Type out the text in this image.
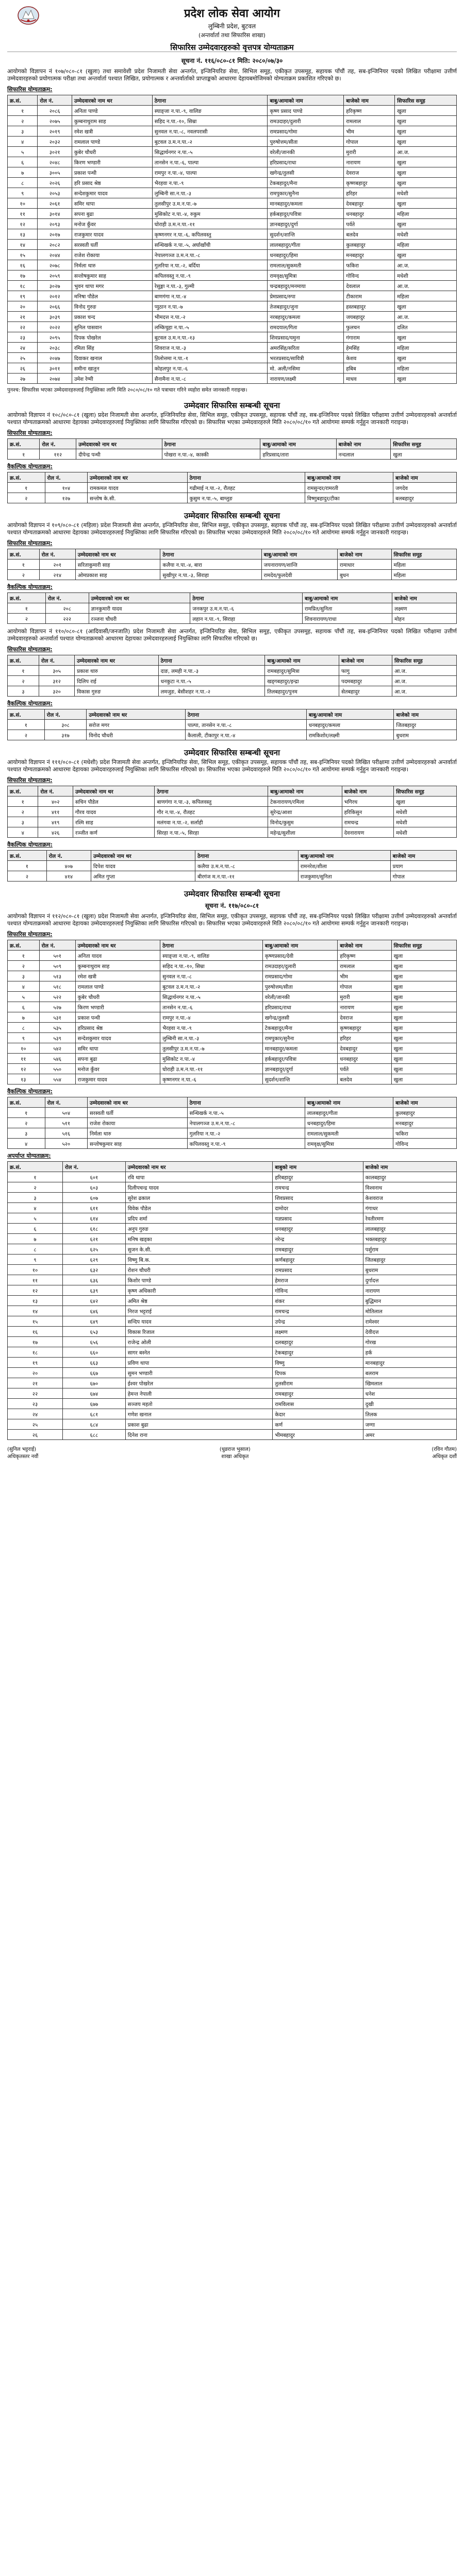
प्रदेश लोक सेवा आयोग
लुम्बिनी प्रदेश, बुटवल
(अन्तर्वार्ता तथा सिफारिस शाखा)
सिफारिस उम्मेदवारहरुको वृत्तपत्र योग्यताक्रम
सूचना नं. ११६/०८०-८१ मिति: २०८०/०७/३०
आयोगको विज्ञापन नं १०७/०८०-८१ (खुला) तथा समावेशी प्रदेश निजामती सेवा अन्तर्गत, इन्जिनियरिङ सेवा, सिभिल समूह, एकीकृत उपसमूह, सहायक पाँचौं तह, सब-इन्जिनियर पदको लिखित परीक्षामा उत्तीर्ण उम्मेदवारहरुको प्रयोगात्मक परीक्षा तथा अन्तर्वार्ता पश्चात लिखित, प्रयोगात्मक र अन्तर्वार्ताको प्राप्ताङ्कको आधारमा देहायबमोजिमको योग्यताक्रम प्रकाशित गरिएको छ।
सिफारिस योग्यताक्रम:
क्र.सं.	रोल नं.	उम्मेदवारको नाम थर	ठेगाना	बाबु/आमाको नाम	बाजेको नाम	सिफारिस समूह
१	२०८६	अनिता पाण्डे	स्याङ्जा न.पा.-९, वालिङ	कृष्ण प्रसाद पाण्डे	हरिकृष्ण	खुला
२	२०७५	कुम्बनाथुराम साह	सहिद न.पा.-१०, सिम्रा	रामउदाहर/दुलारी	रामलाल	खुला
३	२०१९	रमेश खत्री	सुनवल न.पा.-८, नवलपरासी	रामप्रसाद/गोमा	भीम	खुला
४	२०३२	रामलाल पाण्डे	बुटवल उ.म.न.पा.-२	पुरुषोत्तम/सीता	गोपाल	खुला
५	३०२१	कुबेर चौधरी	सिद्धार्थनगर न.पा.-५	वरेली/जानकी	मुरारी	आ.ज.
६	२०४८	किरण भण्डारी	तानसेन न.पा.-६, पाल्पा	हरिप्रसाद/राधा	नारायण	खुला
७	३००५	प्रकाश पन्थी	रामपुर न.पा.-४, पाल्पा	खगेन्द्र/तुलसी	देवराज	खुला
८	२०२६	हरि प्रसाद श्रेष्ठ	भैरहवा न.पा.-९	टेकबहादुर/मैना	कृष्णबहादुर	खुला
९	२०५३	सन्देशकुमार यादव	लुम्बिनी सा.न.पा.-३	रामपुकार/सुनैना	हरिहर	मधेशी
१०	२०६१	समिर थापा	तुलसीपुर उ.म.न.पा.-७	मानबहादुर/कमला	देवबहादुर	खुला
११	३०१४	सपना बुढा	मुसिकोट न.पा.-४, रुकुम	हर्कबहादुर/पवित्रा	धनबहादुर	महिला
१२	२०९३	मनोज कुँवर	घोराही उ.म.न.पा.-११	ज्ञानबहादुर/दुर्गा	पर्वते	खुला
१३	२०१७	राजकुमार यादव	कृष्णनगर न.पा.-६, कपिलवस्तु	सुदर्शन/शान्ति	बलदेव	मधेशी
१४	२०८२	सरस्वती घर्ती	सन्धिखर्क न.पा.-५, अर्घाखाँची	लालबहादुर/गीता	कुलबहादुर	महिला
१५	२०४४	राजेश रोकाया	नेपालगञ्ज उ.म.न.पा.-८	धनबहादुर/हिमा	मनबहादुर	खुला
१६	२०७८	निर्मला थारु	गुलरिया न.पा.-२, बर्दिया	रामलाल/सुकमती	फकिरा	आ.ज.
१७	२०५९	सन्तोषकुमार साह	कपिलवस्तु न.पा.-९	रामवृक्ष/सुमित्रा	गोविन्द	मधेशी
१८	३०२७	भुवन थापा मगर	रेसुङ्गा न.पा.-३, गुल्मी	चन्द्रबहादुर/मनमाया	देवलाल	आ.ज.
१९	२०१२	मनिषा पौडेल	बाणगंगा न.पा.-४	प्रेमप्रसाद/रुपा	टीकाराम	महिला
२०	२०६६	विनोद गुरुङ	प्युठान न.पा.-७	तेजबहादुर/जुना	हस्तबहादुर	खुला
२१	३०३९	प्रकाश चन्द	भीमदत्त न.पा.-२	नरबहादुर/कमला	जयबहादुर	आ.ज.
२२	२०२२	सुनिल पासवान	लम्किचुहा न.पा.-५	रामदयाल/गिता	फुलचन	दलित
२३	२०९५	दिपक पोखरेल	बुटवल उ.म.न.पा.-१३	शिवप्रसाद/यमुना	गंगाराम	खुला
२४	२०३८	रमिता सिंह	शिवराज न.पा.-३	अमरसिंह/सरिता	हेमसिंह	महिला
२५	२०४७	दिवाकर खनाल	तिलोत्तमा न.पा.-१	भरतप्रसाद/सावित्री	केशव	खुला
२६	३०११	समीना खातुन	कोहलपुर न.पा.-६	मो. अली/नसिमा	हबिब	महिला
२७	२०७४	उमेश रेग्मी	सैनामैना न.पा.-८	नारायण/लक्ष्मी	माधव	खुला
पुनश्च: सिफारिस भएका उम्मेदवारहरुलाई नियुक्तिका लागि मिति २०८०/०८/१० गते पत्राचार गरिने व्यहोरा समेत जानकारी गराइन्छ।
उम्मेदवार सिफारिस सम्बन्धी सूचना
आयोगको विज्ञापन नं १०८/०८०-८१ (खुला) प्रदेश निजामती सेवा अन्तर्गत, इन्जिनियरिङ सेवा, सिभिल समूह, एकीकृत उपसमूह, सहायक पाँचौं तह, सब-इन्जिनियर पदको लिखित परीक्षामा उत्तीर्ण उम्मेदवारहरुको अन्तर्वार्ता पश्चात योग्यताक्रमको आधारमा देहायका उम्मेदवारहरुलाई नियुक्तिका लागि सिफारिस गरिएको छ। सिफारिस भएका उम्मेदवारहरुले मिति २०८०/०८/१० गते आयोगमा सम्पर्क गर्नुहुन जानकारी गराइन्छ।
सिफारिस योग्यताक्रम:
क्र.सं.	रोल नं.	उम्मेदवारको नाम थर	ठेगाना	बाबु/आमाको नाम	बाजेको नाम	सिफारिस समूह
१	११२	दीपेन्द्र पन्थी	पोखरा न.पा.-४, कास्की	हरिप्रसाद/तारा	नन्दलाल	खुला
वैकल्पिक योग्यताक्रम:
क्र.सं.	रोल नं.	उम्मेदवारको नाम थर	ठेगाना	बाबु/आमाको नाम	बाजेको नाम
१	१०४	रामकमल यादव	गढीमाई न.पा.-२, रौतहट	रामसुन्दर/रामरती	जगदेव
२	१२७	सन्तोष के.सी.	कुसुम न.पा.-५, बाग्लुङ	विष्णुबहादुर/टीका	बलबहादुर
उम्मेदवार सिफारिस सम्बन्धी सूचना
आयोगको विज्ञापन नं १०९/०८०-८१ (महिला) प्रदेश निजामती सेवा अन्तर्गत, इन्जिनियरिङ सेवा, सिभिल समूह, एकीकृत उपसमूह, सहायक पाँचौं तह, सब-इन्जिनियर पदको लिखित परीक्षामा उत्तीर्ण उम्मेदवारहरुको अन्तर्वार्ता पश्चात योग्यताक्रमको आधारमा देहायका उम्मेदवारहरुलाई नियुक्तिका लागि सिफारिस गरिएको छ। सिफारिस भएका उम्मेदवारहरुले मिति २०८०/०८/१० गते आयोगमा सम्पर्क गर्नुहुन जानकारी गराइन्छ।
सिफारिस योग्यताक्रम:
क्र.सं.	रोल नं.	उम्मेदवारको नाम थर	ठेगाना	बाबु/आमाको नाम	बाजेको नाम	सिफारिस समूह
१	२०१	सरिताकुमारी साह	कलैया न.पा.-४, बारा	जयनारायण/शान्ति	रामाधार	महिला
२	२१४	ओमप्रकाश साह	सुखीपुर न.पा.-३, सिराहा	रामदेव/फुलदेवी	बुधन	महिला
वैकल्पिक योग्यताक्रम:
क्र.सं.	रोल नं.	उम्मेदवारको नाम थर	ठेगाना	बाबु/आमाको नाम	बाजेको नाम
१	२०८	ज्ञानकुमारी यादव	जनकपुर उ.म.न.पा.-६	रामप्रित/सुनिता	लक्ष्मण
२	२२२	रञ्जना चौधरी	लहान न.पा.-९, सिराहा	शिवनारायण/राधा	मोहन
आयोगको विज्ञापन नं ११०/०८०-८१ (आदिवासी/जनजाति) प्रदेश निजामती सेवा अन्तर्गत, इन्जिनियरिङ सेवा, सिभिल समूह, एकीकृत उपसमूह, सहायक पाँचौं तह, सब-इन्जिनियर पदको लिखित परीक्षामा उत्तीर्ण उम्मेदवारहरुको अन्तर्वार्ता पश्चात योग्यताक्रमको आधारमा देहायका उम्मेदवारहरुलाई नियुक्तिका लागि सिफारिस गरिएको छ।
सिफारिस योग्यताक्रम:
क्र.सं.	रोल नं.	उम्मेदवारको नाम थर	ठेगाना	बाबु/आमाको नाम	बाजेको नाम	सिफारिस समूह
१	३०५	प्रकाश थारु	दाङ, लमही न.पा.-३	रामबहादुर/सुमित्रा	फागु	आ.ज.
२	३१२	दिलिप राई	धनकुटा न.पा.-५	खड्गबहादुर/इन्द्रा	पदमबहादुर	आ.ज.
३	३२०	विकास गुरुङ	लमजुङ, बेसीशहर न.पा.-२	तिलबहादुर/पुनम	सेतबहादुर	आ.ज.
वैकल्पिक योग्यताक्रम:
क्र.सं.	रोल नं.	उम्मेदवारको नाम थर	ठेगाना	बाबु/आमाको नाम	बाजेको नाम
१	३०८	सरोज मगर	पाल्पा, तानसेन न.पा.-८	धनबहादुर/कमला	जितबहादुर
२	३१७	विनोद चौधरी	कैलाली, टीकापुर न.पा.-४	रामकिशोर/लक्ष्मी	बुधराम
उम्मेदवार सिफारिस सम्बन्धी सूचना
आयोगको विज्ञापन नं १११/०८०-८१ (मधेशी) प्रदेश निजामती सेवा अन्तर्गत, इन्जिनियरिङ सेवा, सिभिल समूह, एकीकृत उपसमूह, सहायक पाँचौं तह, सब-इन्जिनियर पदको लिखित परीक्षामा उत्तीर्ण उम्मेदवारहरुको अन्तर्वार्ता पश्चात योग्यताक्रमको आधारमा देहायका उम्मेदवारहरुलाई नियुक्तिका लागि सिफारिस गरिएको छ। सिफारिस भएका उम्मेदवारहरुले मिति २०८०/०८/१० गते आयोगमा सम्पर्क गर्नुहुन जानकारी गराइन्छ।
सिफारिस योग्यताक्रम:
क्र.सं.	रोल नं.	उम्मेदवारको नाम थर	ठेगाना	बाबु/आमाको नाम	बाजेको नाम	सिफारिस समूह
१	४०२	सचिन पौडेल	बाणगंगा न.पा.-३, कपिलवस्तु	टेकनारायण/रमिला	भगिरथ	खुला
२	४११	गौरव यादव	गौर न.पा.-४, रौतहट	सुरेन्द्र/आशा	हरिकिसुन	मधेशी
३	४१९	रश्मि साह	मलंगवा न.पा.-२, सर्लाही	विनोद/कुसुम	रामचन्द्र	मधेशी
४	४२६	रञ्जीत कर्ण	सिरहा न.पा.-५, सिरहा	महेन्द्र/सुशीला	देवनारायण	मधेशी
वैकल्पिक योग्यताक्रम:
क्र.सं.	रोल नं.	उम्मेदवारको नाम थर	ठेगाना	बाबु/आमाको नाम	बाजेको नाम
१	४०७	दिपेश यादव	कलैया उ.म.न.पा.-८	रामनरेश/शीला	प्रयाग
२	४१४	अमित गुप्ता	बीरगंज म.न.पा.-११	राजकुमार/सुनिता	गोपाल
उम्मेदवार सिफारिस सम्बन्धी सूचना
सूचना नं. ११७/०८०-८१
आयोगको विज्ञापन नं ११२/०८०-८१ (खुला) प्रदेश निजामती सेवा अन्तर्गत, इन्जिनियरिङ सेवा, सिभिल समूह, एकीकृत उपसमूह, सहायक पाँचौं तह, सब-इन्जिनियर पदको लिखित परीक्षामा उत्तीर्ण उम्मेदवारहरुको अन्तर्वार्ता पश्चात योग्यताक्रमको आधारमा देहायका उम्मेदवारहरुलाई नियुक्तिका लागि सिफारिस गरिएको छ। सिफारिस भएका उम्मेदवारहरुले मिति २०८०/०८/१० गते आयोगमा सम्पर्क गर्नुहुन जानकारी गराइन्छ।
सिफारिस योग्यताक्रम:
क्र.सं.	रोल नं.	उम्मेदवारको नाम थर	ठेगाना	बाबु/आमाको नाम	बाजेको नाम	सिफारिस समूह
१	५०१	अनिता यादव	स्याङ्जा न.पा.-९, वालिङ	कृष्णप्रसाद/देवी	हरिकृष्ण	खुला
२	५०९	कुम्बनाथुराम साह	सहिद न.पा.-१०, सिम्रा	रामउदाहर/दुलारी	रामलाल	खुला
३	५१३	रमेश खत्री	सुनवल न.पा.-८	रामप्रसाद/गोमा	भीम	खुला
४	५१८	रामलाल पाण्डे	बुटवल उ.म.न.पा.-२	पुरुषोत्तम/सीता	गोपाल	खुला
५	५२२	कुबेर चौधरी	सिद्धार्थनगर न.पा.-५	वरेली/जानकी	मुरारी	खुला
६	५२७	किरण भण्डारी	तानसेन न.पा.-६	हरिप्रसाद/राधा	नारायण	खुला
७	५३१	प्रकाश पन्थी	रामपुर न.पा.-४	खगेन्द्र/तुलसी	देवराज	खुला
८	५३५	हरिप्रसाद श्रेष्ठ	भैरहवा न.पा.-९	टेकबहादुर/मैना	कृष्णबहादुर	खुला
९	५३९	सन्देशकुमार यादव	लुम्बिनी सा.न.पा.-३	रामपुकार/सुनैना	हरिहर	खुला
१०	५४२	समिर थापा	तुलसीपुर उ.म.न.पा.-७	मानबहादुर/कमला	देवबहादुर	खुला
११	५४६	सपना बुढा	मुसिकोट न.पा.-४	हर्कबहादुर/पवित्रा	धनबहादुर	खुला
१२	५५०	मनोज कुँवर	घोराही उ.म.न.पा.-११	ज्ञानबहादुर/दुर्गा	पर्वते	खुला
१३	५५४	राजकुमार यादव	कृष्णनगर न.पा.-६	सुदर्शन/शान्ति	बलदेव	खुला
वैकल्पिक योग्यताक्रम:
क्र.सं.	रोल नं.	उम्मेदवारको नाम थर	ठेगाना	बाबु/आमाको नाम	बाजेको नाम
१	५०४	सरस्वती घर्ती	सन्धिखर्क न.पा.-५	लालबहादुर/गीता	कुलबहादुर
२	५११	राजेश रोकाया	नेपालगञ्ज उ.म.न.पा.-८	धनबहादुर/हिमा	मनबहादुर
३	५१६	निर्मला थारु	गुलरिया न.पा.-२	रामलाल/सुकमती	फकिरा
४	५२०	सन्तोषकुमार साह	कपिलवस्तु न.पा.-९	रामवृक्ष/सुमित्रा	गोविन्द
अपर्याप्त योग्यताक्रम:
क्र.सं.	रोल नं.	उम्मेदवारको नाम थर	बाबुको नाम	बाजेको नाम
१	६०१	रवि थापा	हरिबहादुर	कालबहादुर
२	६०३	दिलीपचन्द्र यादव	रामचन्द्र	विश्वनाथ
३	६०७	सुरेश ढकाल	शिवप्रसाद	केशवराज
४	६११	विवेक पौडेल	दामोदर	गंगाधर
५	६१४	प्रदिप शर्मा	यज्ञप्रसाद	रेवतीरमण
६	६१८	अनुप गुरुङ	धनबहादुर	लालबहादुर
७	६२१	मनिष खड्का	नरेन्द्र	भक्तबहादुर
८	६२५	सुजन के.सी.	रामबहादुर	पर्शुराम
९	६२९	विष्णु बि.क.	कर्णबहादुर	जितबहादुर
१०	६३२	रोशन चौधरी	रामप्रसाद	बुधराम
११	६३६	किशोर पाण्डे	हेमराज	दुर्गादत्त
१२	६३९	कृष्ण अधिकारी	गोविन्द	नारायण
१३	६४२	अमित श्रेष्ठ	शंकर	बुद्धिमान
१४	६४६	निरज भट्टराई	रामचन्द्र	मोतिलाल
१५	६४९	सन्दिप यादव	उपेन्द्र	रामेश्वर
१६	६५३	विकास रिजाल	लक्ष्मण	देवीदत्त
१७	६५६	राजेन्द्र ओली	दलबहादुर	गोरख
१८	६६०	सागर बस्नेत	टेकबहादुर	हर्क
१९	६६३	प्रविण थापा	विष्णु	मानबहादुर
२०	६६७	सुमन भण्डारी	दिपक	बलराम
२१	६७०	ईश्वर पोखरेल	तुलसीराम	खिमलाल
२२	६७४	हेमन्त नेपाली	रामबहादुर	धनेश
२३	६७७	सञ्जय महतो	रामविलास	दुखी
२४	६८१	गणेश खनाल	केदार	तिलक
२५	६८४	प्रकाश बुढा	कर्ण	जग्गा
२६	६८८	दिनेश राना	भीमबहादुर	अमर
(सुनिल भट्टराई)
अधिकृतस्तर नवौं
(धुव्रराज भुसाल)
शाखा अधिकृत
(रविन गौतम)
अधिकृत दशौं
